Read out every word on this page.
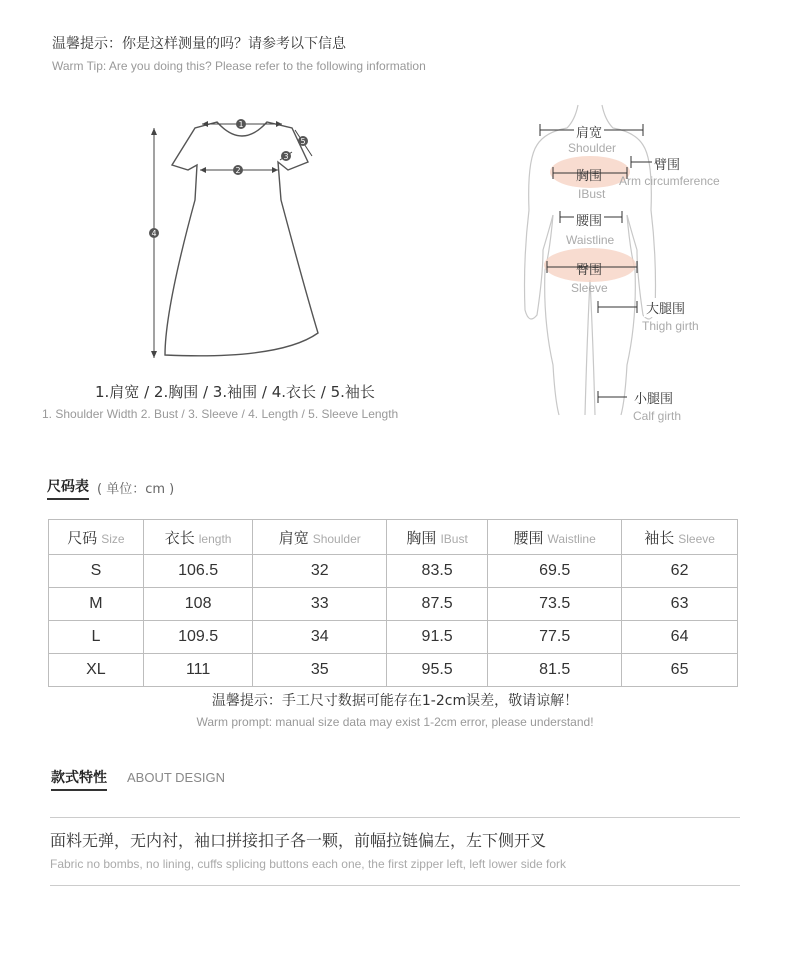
温馨提示：你是这样测量的吗？请参考以下信息
Warm Tip: Are you doing this? Please refer to the following information
1
2
3
5
4
1.肩宽 / 2.胸围 / 3.袖围 / 4.衣长 / 5.袖长
1. Shoulder Width 2. Bust / 3. Sleeve / 4. Length / 5. Sleeve Length
肩宽
Shoulder
臂围
Arm circumference
胸围
IBust
腰围
Waistline
臀围
Sleeve
大腿围
Thigh girth
小腿围
Calf girth
尺码表 ( 单位：cm )
尺码 Size	衣长 length	肩宽 Shoulder	胸围 IBust	腰围 Waistline	袖长 Sleeve
S	106.5	32	83.5	69.5	62
M	108	33	87.5	73.5	63
L	109.5	34	91.5	77.5	64
XL	111	35	95.5	81.5	65
温馨提示：手工尺寸数据可能存在1-2cm误差，敬请谅解！
Warm prompt: manual size data may exist 1-2cm error, please understand!
款式特性 ABOUT DESIGN
面料无弹，无内衬，袖口拼接扣子各一颗，前幅拉链偏左，左下侧开叉
Fabric no bombs, no lining, cuffs splicing buttons each one, the first zipper left, left lower side fork
